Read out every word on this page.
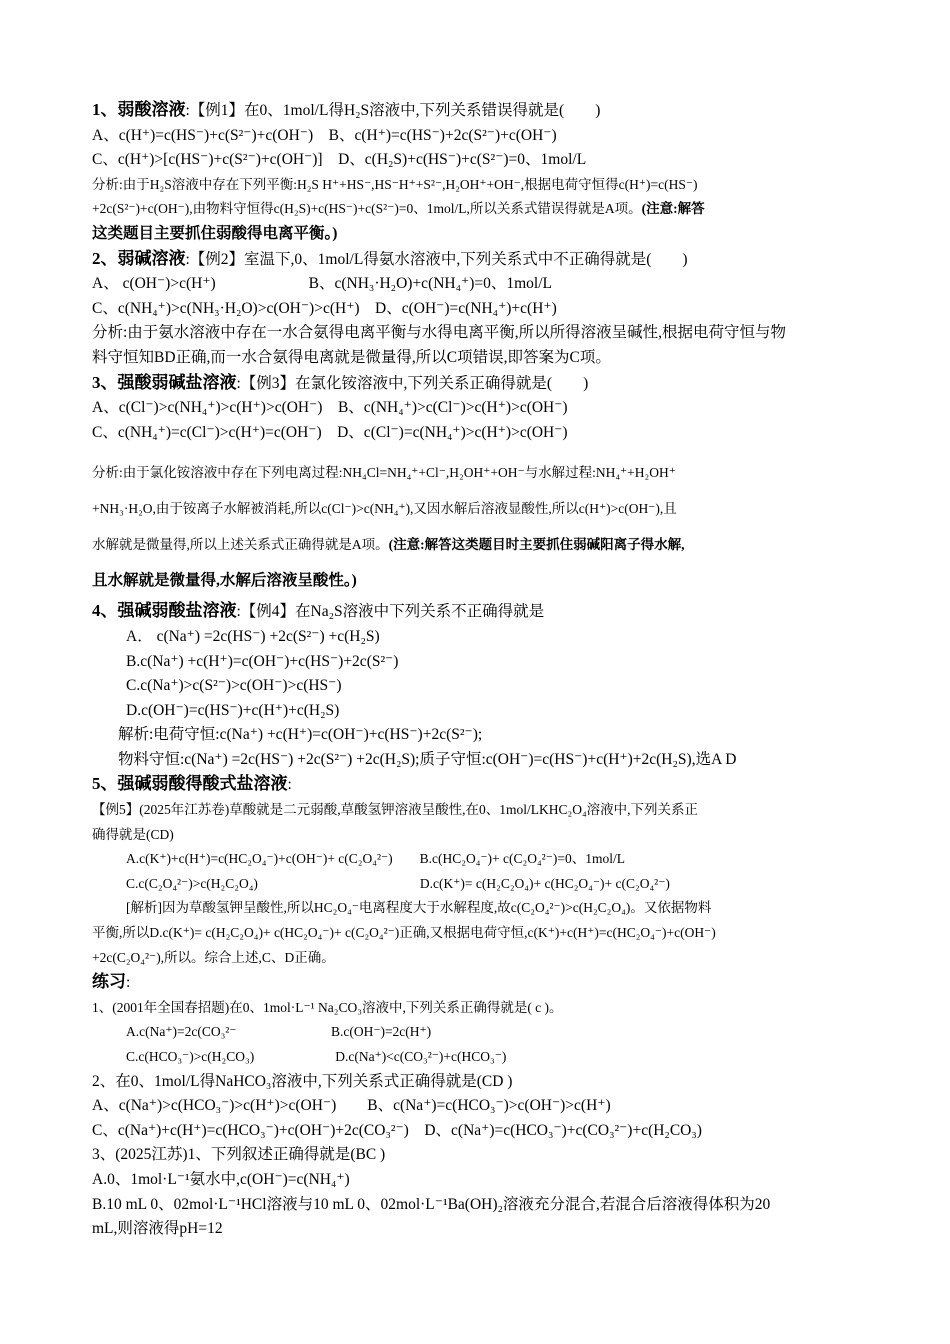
1、弱酸溶液:【例1】在0、1mol/L得H₂S溶液中,下列关系错误得就是(　　)
A、c(H⁺)=c(HS⁻)+c(S²⁻)+c(OH⁻)　B、c(H⁺)=c(HS⁻)+2c(S²⁻)+c(OH⁻)
C、c(H⁺)>[c(HS⁻)+c(S²⁻)+c(OH⁻)]　D、c(H₂S)+c(HS⁻)+c(S²⁻)=0、1mol/L
分析:由于H₂S溶液中存在下列平衡:H₂S H⁺+HS⁻,HS⁻H⁺+S²⁻,H₂OH⁺+OH⁻,根据电荷守恒得c(H⁺)=c(HS⁻)
+2c(S²⁻)+c(OH⁻),由物料守恒得c(H₂S)+c(HS⁻)+c(S²⁻)=0、1mol/L,所以关系式错误得就是A项。(注意:解答
这类题目主要抓住弱酸得电离平衡。)
2、弱碱溶液:【例2】室温下,0、1mol/L得氨水溶液中,下列关系式中不正确得就是(　　)
A、 c(OH⁻)>c(H⁺)　　　　　　B、c(NH₃·H₂O)+c(NH₄⁺)=0、1mol/L
C、c(NH₄⁺)>c(NH₃·H₂O)>c(OH⁻)>c(H⁺)　D、c(OH⁻)=c(NH₄⁺)+c(H⁺)
分析:由于氨水溶液中存在一水合氨得电离平衡与水得电离平衡,所以所得溶液呈碱性,根据电荷守恒与物
料守恒知BD正确,而一水合氨得电离就是微量得,所以C项错误,即答案为C项。
3、强酸弱碱盐溶液:【例3】在氯化铵溶液中,下列关系正确得就是(　　)
A、c(Cl⁻)>c(NH₄⁺)>c(H⁺)>c(OH⁻)　B、c(NH₄⁺)>c(Cl⁻)>c(H⁺)>c(OH⁻)
C、c(NH₄⁺)=c(Cl⁻)>c(H⁺)=c(OH⁻)　D、c(Cl⁻)=c(NH₄⁺)>c(H⁺)>c(OH⁻)
分析:由于氯化铵溶液中存在下列电离过程:NH₄Cl=NH₄⁺+Cl⁻,H₂OH⁺+OH⁻与水解过程:NH₄⁺+H₂OH⁺
+NH₃·H₂O,由于铵离子水解被消耗,所以c(Cl⁻)>c(NH₄⁺),又因水解后溶液显酸性,所以c(H⁺)>c(OH⁻),且
水解就是微量得,所以上述关系式正确得就是A项。(注意:解答这类题目时主要抓住弱碱阳离子得水解,
且水解就是微量得,水解后溶液呈酸性。)
4、强碱弱酸盐溶液:【例4】在Na₂S溶液中下列关系不正确得就是
A． c(Na⁺) =2c(HS⁻) +2c(S²⁻) +c(H₂S)
B.c(Na⁺) +c(H⁺)=c(OH⁻)+c(HS⁻)+2c(S²⁻)
C.c(Na⁺)>c(S²⁻)>c(OH⁻)>c(HS⁻)
D.c(OH⁻)=c(HS⁻)+c(H⁺)+c(H₂S)
解析:电荷守恒:c(Na⁺) +c(H⁺)=c(OH⁻)+c(HS⁻)+2c(S²⁻);
物料守恒:c(Na⁺) =2c(HS⁻) +2c(S²⁻) +2c(H₂S);质子守恒:c(OH⁻)=c(HS⁻)+c(H⁺)+2c(H₂S),选A D
5、强碱弱酸得酸式盐溶液:
【例5】(2025年江苏卷)草酸就是二元弱酸,草酸氢钾溶液呈酸性,在0、1mol/LKHC₂O₄溶液中,下列关系正
确得就是(CD)
A.c(K⁺)+c(H⁺)=c(HC₂O₄⁻)+c(OH⁻)+ c(C₂O₄²⁻)　　B.c(HC₂O₄⁻)+ c(C₂O₄²⁻)=0、1mol/L
C.c(C₂O₄²⁻)>c(H₂C₂O₄)　　　　　　　　　　　　D.c(K⁺)= c(H₂C₂O₄)+ c(HC₂O₄⁻)+ c(C₂O₄²⁻)
[解析]因为草酸氢钾呈酸性,所以HC₂O₄⁻电离程度大于水解程度,故c(C₂O₄²⁻)>c(H₂C₂O₄)。又依据物料
平衡,所以D.c(K⁺)= c(H₂C₂O₄)+ c(HC₂O₄⁻)+ c(C₂O₄²⁻)正确,又根据电荷守恒,c(K⁺)+c(H⁺)=c(HC₂O₄⁻)+c(OH⁻)
+2c(C₂O₄²⁻),所以。综合上述,C、D正确。
练习:
1、(2001年全国春招题)在0、1mol·L⁻¹ Na₂CO₃溶液中,下列关系正确得就是( c )。
A.c(Na⁺)=2c(CO₃²⁻　　　　　　　B.c(OH⁻)=2c(H⁺)
C.c(HCO₃⁻)>c(H₂CO₃)　　　　　　D.c(Na⁺)<c(CO₃²⁻)+c(HCO₃⁻)
2、在0、1mol/L得NaHCO₃溶液中,下列关系式正确得就是(CD )
A、c(Na⁺)>c(HCO₃⁻)>c(H⁺)>c(OH⁻)　　B、c(Na⁺)=c(HCO₃⁻)>c(OH⁻)>c(H⁺)
C、c(Na⁺)+c(H⁺)=c(HCO₃⁻)+c(OH⁻)+2c(CO₃²⁻)　D、c(Na⁺)=c(HCO₃⁻)+c(CO₃²⁻)+c(H₂CO₃)
3、(2025江苏)1、下列叙述正确得就是(BC )
A.0、1mol·L⁻¹氨水中,c(OH⁻)=c(NH₄⁺)
B.10 mL 0、02mol·L⁻¹HCl溶液与10 mL 0、02mol·L⁻¹Ba(OH)₂溶液充分混合,若混合后溶液得体积为20
mL,则溶液得pH=12
